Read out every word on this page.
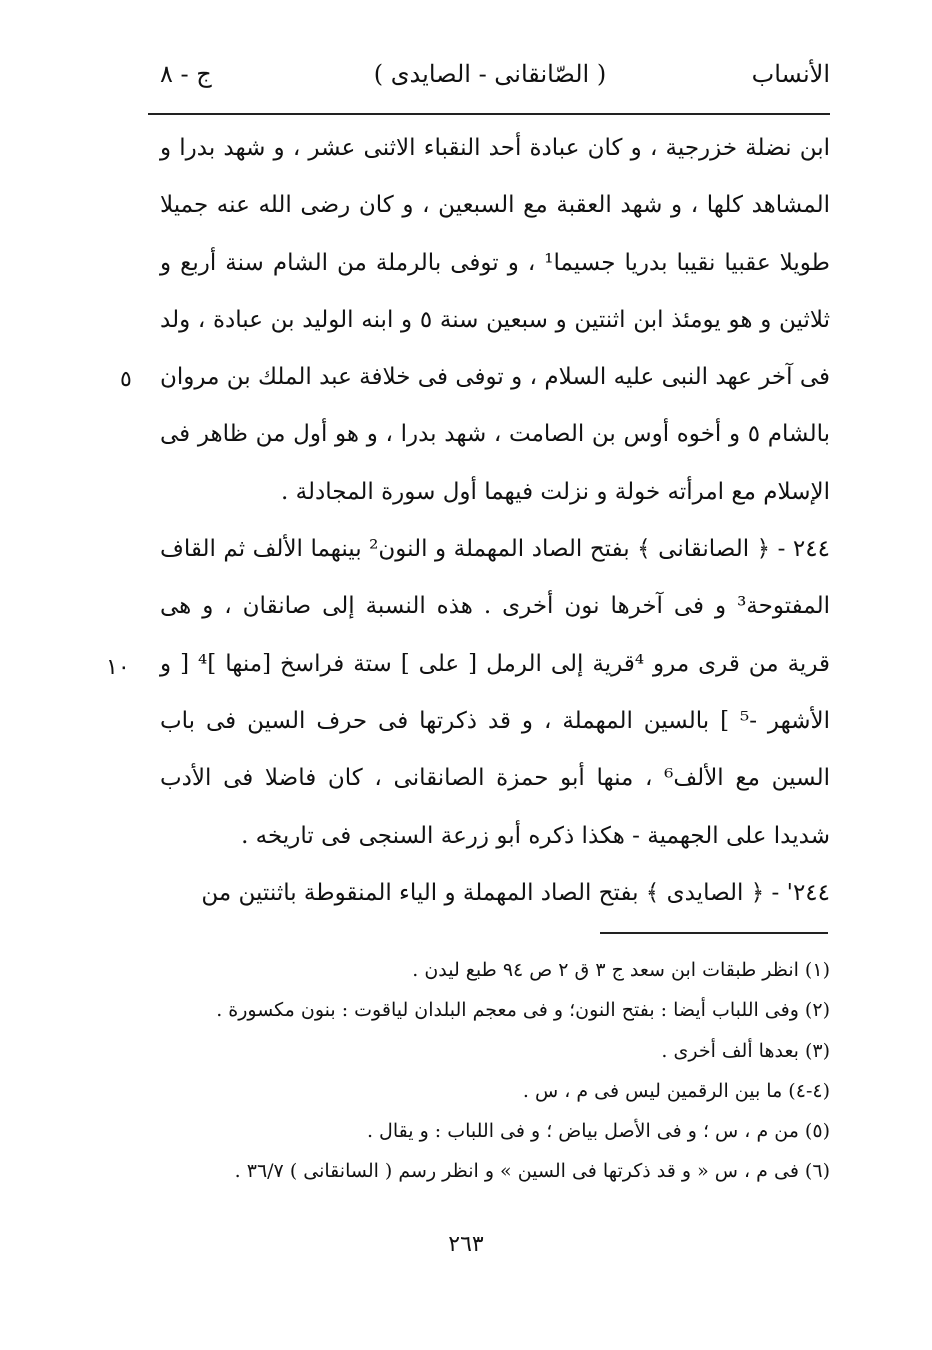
الأنساب
( الصّانقانى - الصايدى )
ج - ٨

ابن نضلة خزرجية ، و كان عبادة أحد النقباء الاثنى عشر ، و شهد بدرا و المشاهد كلها ، و شهد العقبة مع السبعين ، و كان رضى الله عنه جميلا طويلا عقبيا نقيبا بدريا جسيما¹ ، و توفى بالرملة من الشام سنة أربع و ثلاثين و هو يومئذ ابن اثنتين و سبعين سنة ٥ و ابنه الوليد بن عبادة ، ولد فى آخر عهد النبى عليه السلام ، و توفى فى خلافة عبد الملك بن مروان بالشام ٥ و أخوه أوس بن الصامت ، شهد بدرا ، و هو أول من ظاهر فى الإسلام مع امرأته خولة و نزلت فيهما أول سورة المجادلة .

٢٤٤ - ﴿ الصانقانى ﴾ بفتح الصاد المهملة و النون² بينهما الألف ثم القاف المفتوحة³ و فى آخرها نون أخرى . هذه النسبة إلى صانقان ، و هى قرية من قرى مرو ⁴قرية إلى الرمل [ على ] ستة فراسخ [منها ]⁴ [ و الأشهر -⁵ ] بالسين المهملة ، و قد ذكرتها فى حرف السين فى باب السين مع الألف⁶ ، منها أبو حمزة الصانقانى ، كان فاضلا فى الأدب شديدا على الجهمية - هكذا ذكره أبو زرعة السنجى فى تاريخه .

٢٤٤' - ﴿ الصايدى ﴾ بفتح الصاد المهملة و الياء المنقوطة باثنتين من

٥
١٠

(١) انظر طبقات ابن سعد ج ٣ ق ٢ ص ٩٤ طبع ليدن .

(٢) وفى اللباب أيضا : بفتح النون؛ و فى معجم البلدان لياقوت : بنون مكسورة .

(٣) بعدها ألف أخرى .

(٤-٤) ما بين الرقمين ليس فى م ، س .

(٥) من م ، س ؛ و فى الأصل بياض ؛ و فى اللباب : و يقال .

(٦) فى م ، س « و قد ذكرتها فى السين » و انظر رسم ( السانقانى ) ٣٦/٧ .

٢٦٣
